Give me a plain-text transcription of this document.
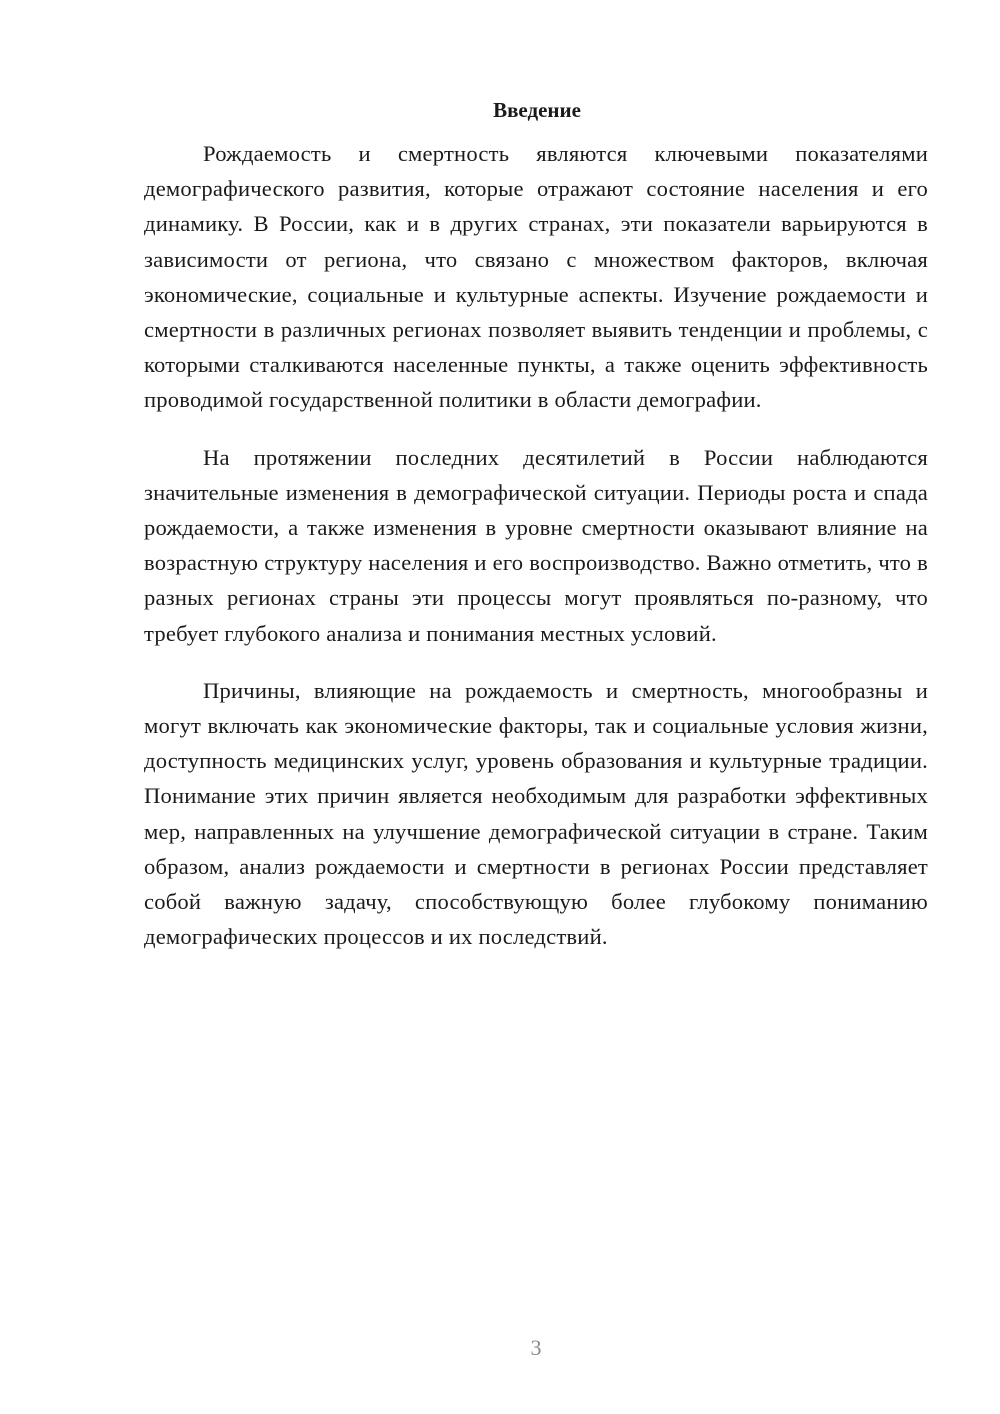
Введение

Рождаемость и смертность являются ключевыми показателями демографического развития, которые отражают состояние населения и его динамику. В России, как и в других странах, эти показатели варьируются в зависимости от региона, что связано с множеством факторов, включая экономические, социальные и культурные аспекты. Изучение рождаемости и смертности в различных регионах позволяет выявить тенденции и проблемы, с которыми сталкиваются населенные пункты, а также оценить эффективность проводимой государственной политики в области демографии.

На протяжении последних десятилетий в России наблюдаются значительные изменения в демографической ситуации. Периоды роста и спада рождаемости, а также изменения в уровне смертности оказывают влияние на возрастную структуру населения и его воспроизводство. Важно отметить, что в разных регионах страны эти процессы могут проявляться по-разному, что требует глубокого анализа и понимания местных условий.

Причины, влияющие на рождаемость и смертность, многообразны и могут включать как экономические факторы, так и социальные условия жизни, доступность медицинских услуг, уровень образования и культурные традиции. Понимание этих причин является необходимым для разработки эффективных мер, направленных на улучшение демографической ситуации в стране. Таким образом, анализ рождаемости и смертности в регионах России представляет собой важную задачу, способствующую более глубокому пониманию демографических процессов и их последствий.

3
